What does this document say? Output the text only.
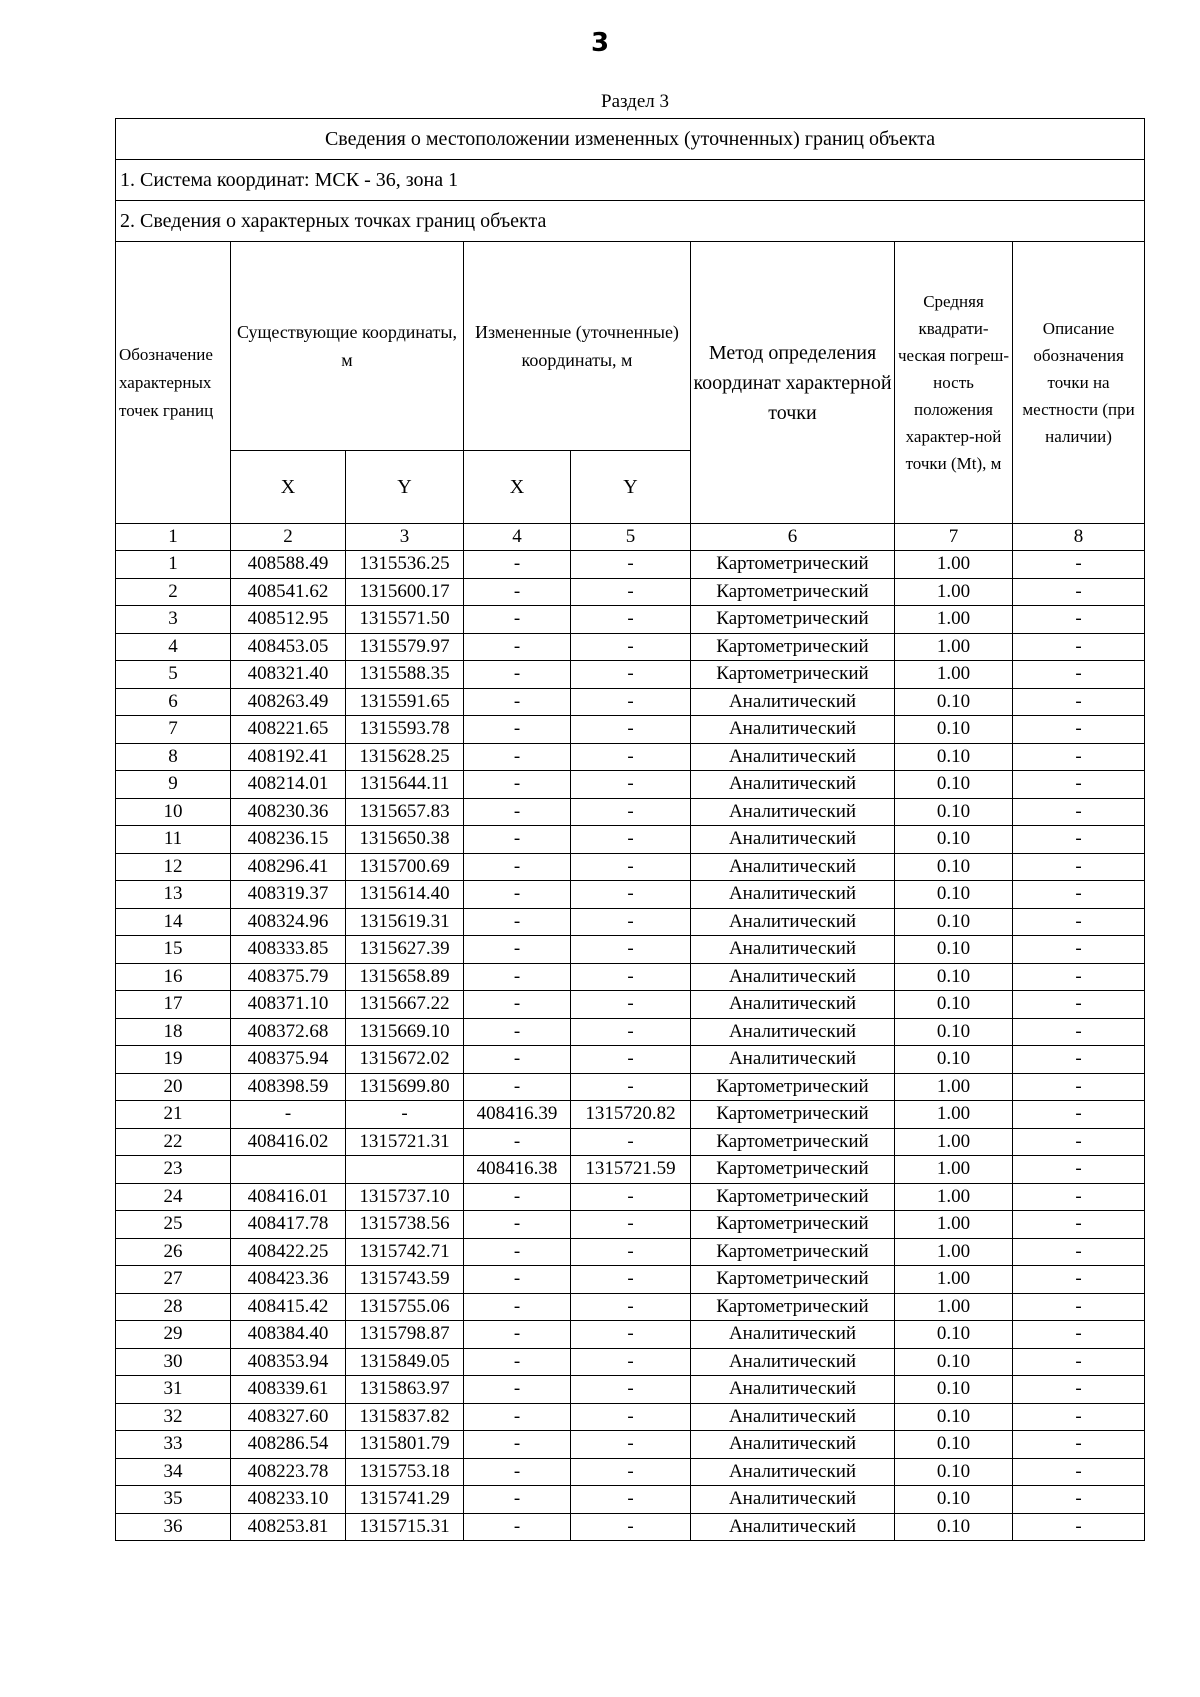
3
Раздел 3
Сведения о местоположении измененных (уточненных) границ объекта							
1. Система координат: МСК - 36, зона 1							
2. Сведения о характерных точках границ объекта							
Обозначение характерных точек границ	Существующие координаты, м		Измененные (уточненные) координаты, м		Метод определения координат характерной точки	Средняя квадрати-ческая погреш-ность положения характер-ной точки (Mt), м	Описание обозначения точки на местности (при наличии)
	X	Y	X	Y			
1	2	3	4	5	6	7	8
1	408588.49	1315536.25	-	-	Картометрический	1.00	-
2	408541.62	1315600.17	-	-	Картометрический	1.00	-
3	408512.95	1315571.50	-	-	Картометрический	1.00	-
4	408453.05	1315579.97	-	-	Картометрический	1.00	-
5	408321.40	1315588.35	-	-	Картометрический	1.00	-
6	408263.49	1315591.65	-	-	Аналитический	0.10	-
7	408221.65	1315593.78	-	-	Аналитический	0.10	-
8	408192.41	1315628.25	-	-	Аналитический	0.10	-
9	408214.01	1315644.11	-	-	Аналитический	0.10	-
10	408230.36	1315657.83	-	-	Аналитический	0.10	-
11	408236.15	1315650.38	-	-	Аналитический	0.10	-
12	408296.41	1315700.69	-	-	Аналитический	0.10	-
13	408319.37	1315614.40	-	-	Аналитический	0.10	-
14	408324.96	1315619.31	-	-	Аналитический	0.10	-
15	408333.85	1315627.39	-	-	Аналитический	0.10	-
16	408375.79	1315658.89	-	-	Аналитический	0.10	-
17	408371.10	1315667.22	-	-	Аналитический	0.10	-
18	408372.68	1315669.10	-	-	Аналитический	0.10	-
19	408375.94	1315672.02	-	-	Аналитический	0.10	-
20	408398.59	1315699.80	-	-	Картометрический	1.00	-
21	-	-	408416.39	1315720.82	Картометрический	1.00	-
22	408416.02	1315721.31	-	-	Картометрический	1.00	-
23			408416.38	1315721.59	Картометрический	1.00	-
24	408416.01	1315737.10	-	-	Картометрический	1.00	-
25	408417.78	1315738.56	-	-	Картометрический	1.00	-
26	408422.25	1315742.71	-	-	Картометрический	1.00	-
27	408423.36	1315743.59	-	-	Картометрический	1.00	-
28	408415.42	1315755.06	-	-	Картометрический	1.00	-
29	408384.40	1315798.87	-	-	Аналитический	0.10	-
30	408353.94	1315849.05	-	-	Аналитический	0.10	-
31	408339.61	1315863.97	-	-	Аналитический	0.10	-
32	408327.60	1315837.82	-	-	Аналитический	0.10	-
33	408286.54	1315801.79	-	-	Аналитический	0.10	-
34	408223.78	1315753.18	-	-	Аналитический	0.10	-
35	408233.10	1315741.29	-	-	Аналитический	0.10	-
36	408253.81	1315715.31	-	-	Аналитический	0.10	-
